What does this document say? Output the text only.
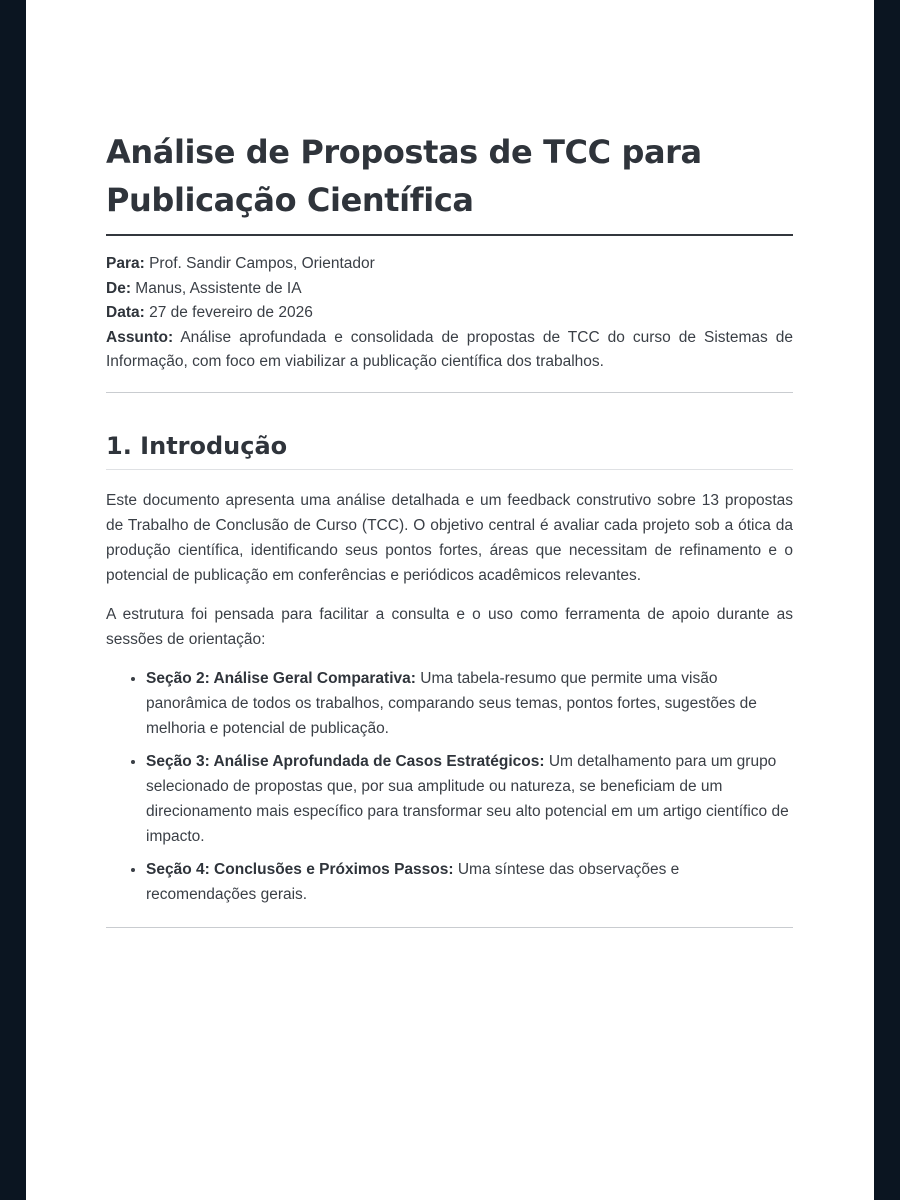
Análise de Propostas de TCC para Publicação Científica
Para: Prof. Sandir Campos, Orientador
De: Manus, Assistente de IA
Data: 27 de fevereiro de 2026
Assunto: Análise aprofundada e consolidada de propostas de TCC do curso de Sistemas de Informação, com foco em viabilizar a publicação científica dos trabalhos.
1. Introdução

Este documento apresenta uma análise detalhada e um feedback construtivo sobre 13 propostas de Trabalho de Conclusão de Curso (TCC). O objetivo central é avaliar cada projeto sob a ótica da produção científica, identificando seus pontos fortes, áreas que necessitam de refinamento e o potencial de publicação em conferências e periódicos acadêmicos relevantes.

A estrutura foi pensada para facilitar a consulta e o uso como ferramenta de apoio durante as sessões de orientação:

• Seção 2: Análise Geral Comparativa: Uma tabela-resumo que permite uma visão panorâmica de todos os trabalhos, comparando seus temas, pontos fortes, sugestões de melhoria e potencial de publicação.
• Seção 3: Análise Aprofundada de Casos Estratégicos: Um detalhamento para um grupo selecionado de propostas que, por sua amplitude ou natureza, se beneficiam de um direcionamento mais específico para transformar seu alto potencial em um artigo científico de impacto.
• Seção 4: Conclusões e Próximos Passos: Uma síntese das observações e recomendações gerais.
